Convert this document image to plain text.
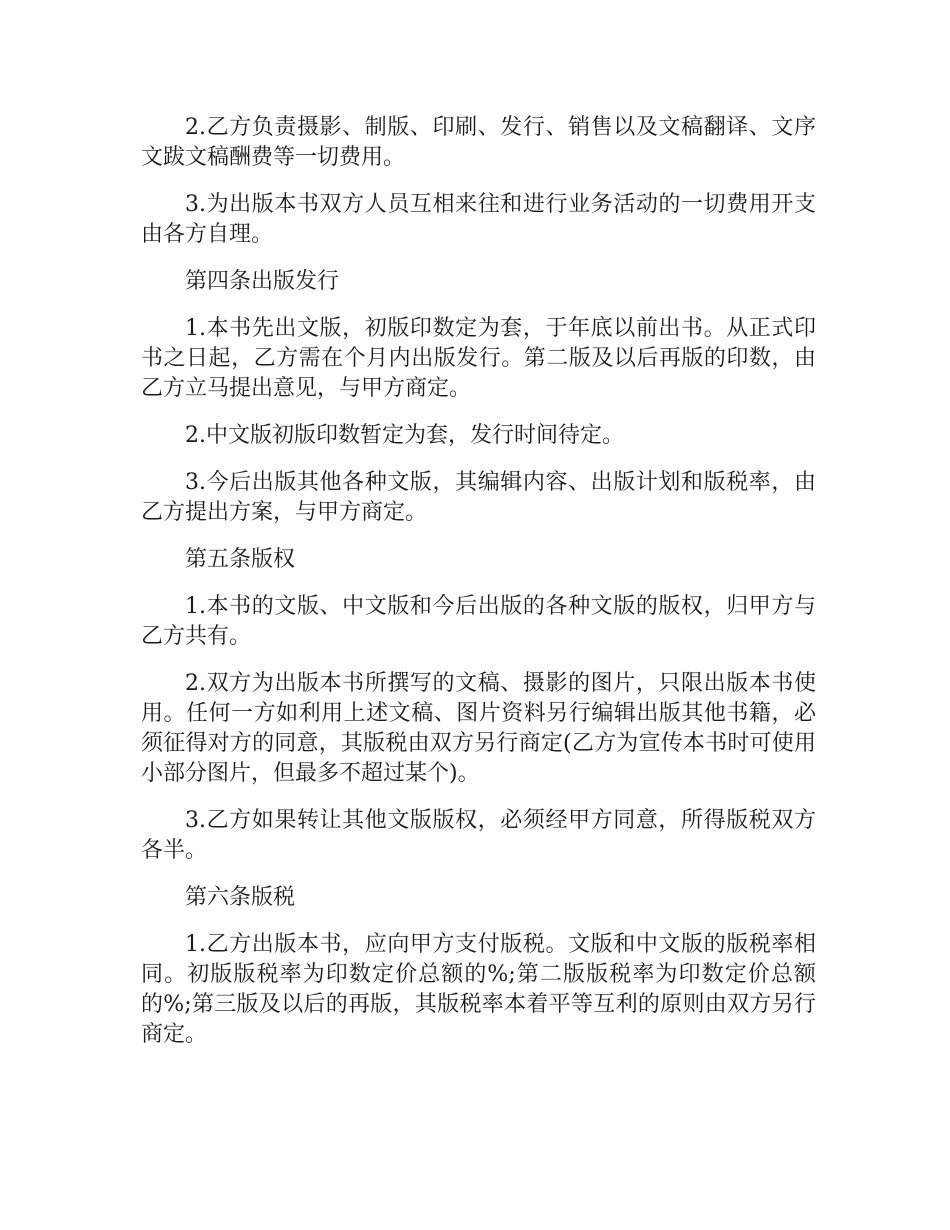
2.乙方负责摄影、制版、印刷、发行、销售以及文稿翻译、文序文跋文稿酬费等一切费用。

3.为出版本书双方人员互相来往和进行业务活动的一切费用开支由各方自理。

第四条出版发行

1.本书先出文版，初版印数定为套，于年底以前出书。从正式印书之日起，乙方需在个月内出版发行。第二版及以后再版的印数，由乙方立马提出意见，与甲方商定。

2.中文版初版印数暂定为套，发行时间待定。

3.今后出版其他各种文版，其编辑内容、出版计划和版税率，由乙方提出方案，与甲方商定。

第五条版权

1.本书的文版、中文版和今后出版的各种文版的版权，归甲方与乙方共有。

2.双方为出版本书所撰写的文稿、摄影的图片，只限出版本书使用。任何一方如利用上述文稿、图片资料另行编辑出版其他书籍，必须征得对方的同意，其版税由双方另行商定(乙方为宣传本书时可使用小部分图片，但最多不超过某个)。

3.乙方如果转让其他文版版权，必须经甲方同意，所得版税双方各半。

第六条版税

1.乙方出版本书，应向甲方支付版税。文版和中文版的版税率相同。初版版税率为印数定价总额的%;第二版版税率为印数定价总额的%;第三版及以后的再版，其版税率本着平等互利的原则由双方另行商定。
